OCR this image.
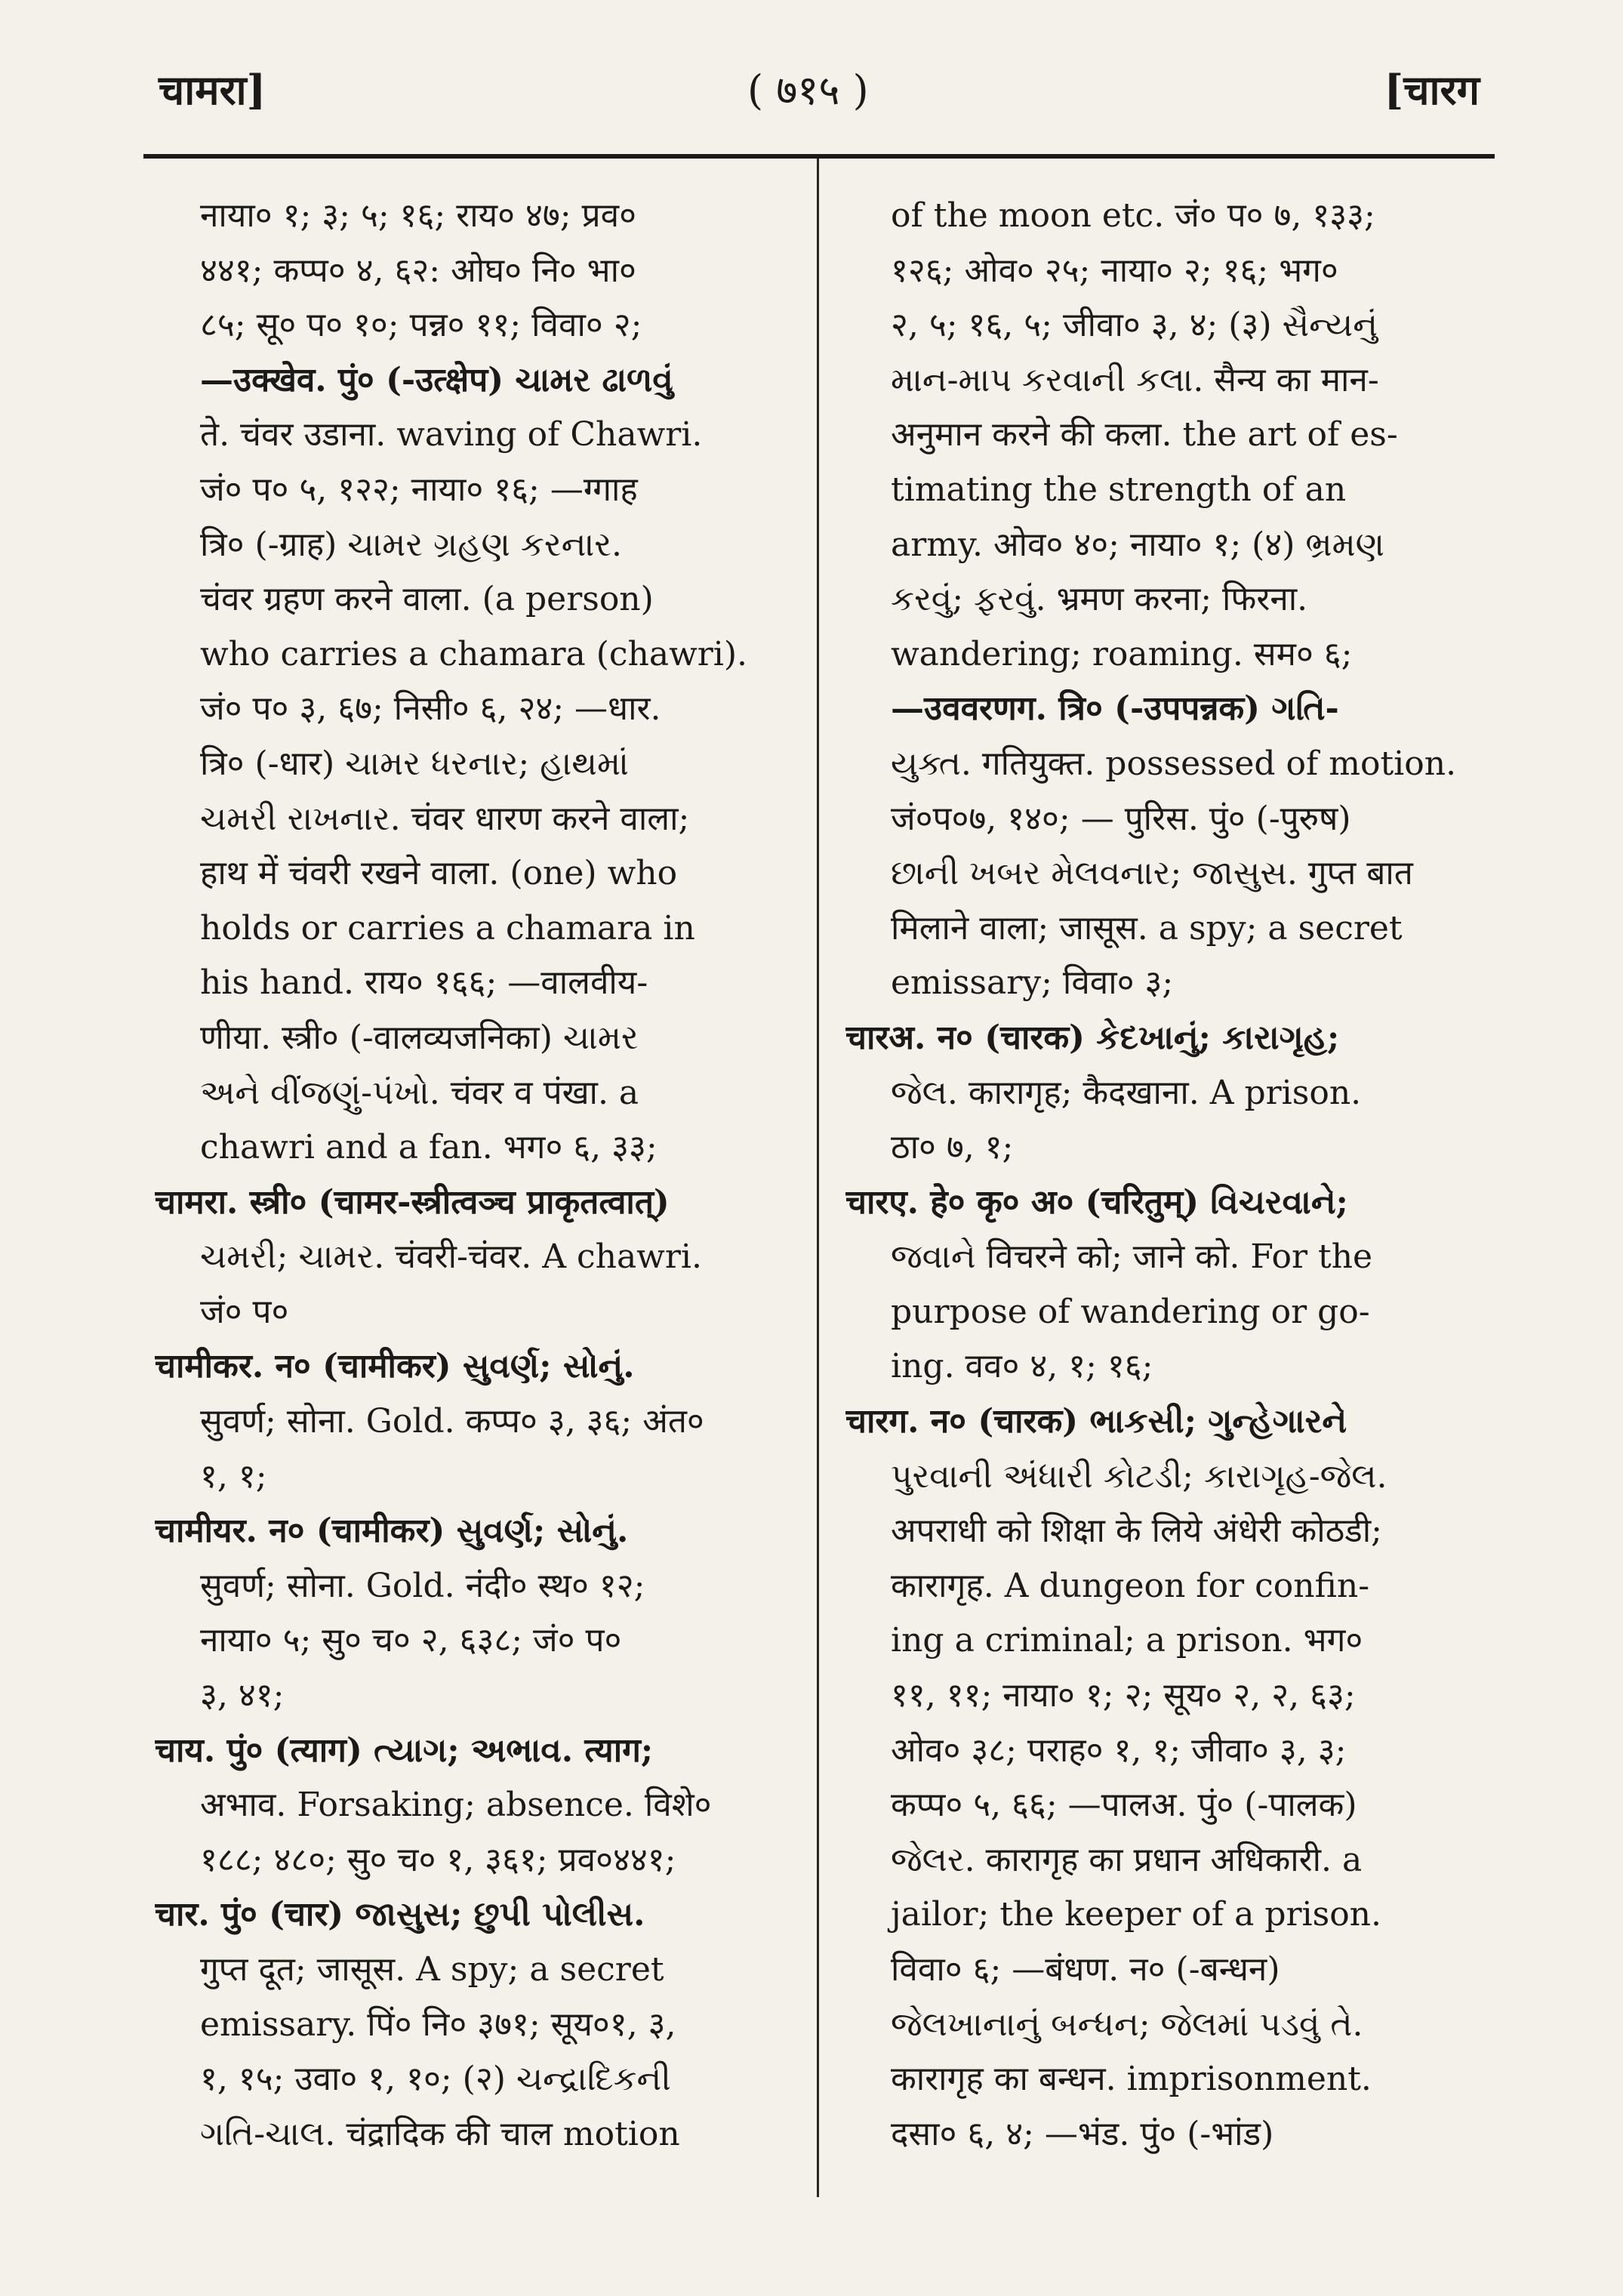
चामरा]	( ७१५ )	[चारग
नाया० १; ३; ५; १६; राय० ४७; प्रव०
४४१; कप्प० ४, ६२: ओघ० नि० भा०
८५; सू० प० १०; पन्न० ११; विवा० २;
—उक्खेव. पुं० (-उत्क्षेप) ચામર ઢાળવું
ते. चंवर उडाना. waving of Chawri.
जं० प० ५, १२२; नाया० १६; —ग्गाह
त्रि० (-ग्राह) ચામર ગ્રહણ કરનાર.
चंवर ग्रहण करने वाला. (a person)
who carries a chamara (chawri).
जं० प० ३, ६७; निसी० ६, २४; —धार.
त्रि० (-धार) ચામર ધરનાર; હાથમાં
ચમરી રાખનાર. चंवर धारण करने वाला;
हाथ में चंवरी रखने वाला. (one) who
holds or carries a chamara in
his hand. राय० १६६; —वालवीय-
णीया. स्त्री० (-वालव्यजनिका) ચામર
અને વીંજણું-પંખો. चंवर व पंखा. a
chawri and a fan. भग० ६, ३३;
चामरा. स्त्री० (चामर-स्त्रीत्वञ्च प्राकृतत्वात्)
ચમરી; ચામર. चंवरी-चंवर. A chawri.
जं० प०
चामीकर. न० (चामीकर) સુવર્ણ; સોનું.
सुवर्ण; सोना. Gold. कप्प० ३, ३६; अंत०
१, १;
चामीयर. न० (चामीकर) સુવર્ણ; સોનું.
सुवर्ण; सोना. Gold. नंदी० स्थ० १२;
नाया० ५; सु० च० २, ६३८; जं० प०
३, ४१;
चाय. पुं० (त्याग) ત્યાગ; અભાવ. त्याग;
अभाव. Forsaking; absence. विशे०
१८८; ४८०; सु० च० १, ३६१; प्रव०४४१;
चार. पुं० (चार) જાસુસ; છુપી પોલીસ.
गुप्त दूत; जासूस. A spy; a secret
emissary. पिं० नि० ३७१; सूय०१, ३,
१, १५; उवा० १, १०; (२) ચન્દ્રાદિકની
ગતિ-ચાલ. चंद्रादिक की चाल motion
of the moon etc. जं० प० ७, १३३;
१२६; ओव० २५; नाया० २; १६; भग०
२, ५; १६, ५; जीवा० ३, ४; (३) સૈન્યનું
માન-માપ કરવાની કલા. सैन्य का मान-
अनुमान करने की कला. the art of es-
timating the strength of an
army. ओव० ४०; नाया० १; (४) ભ્રમણ
કરવું; ફરવું. भ्रमण करना; फिरना.
wandering; roaming. सम० ६;
—उववरणग. त्रि० (-उपपन्नक) ગતિ-
યુક્ત. गतियुक्त. possessed of motion.
जं०प०७, १४०; — पुरिस. पुं० (-पुरुष)
છાની ખબર મેલવનાર; જાસુસ. गुप्त बात
मिलाने वाला; जासूस. a spy; a secret
emissary; विवा० ३;
चारअ. न० (चारक) કેદખાનું; કારાગૃહ;
જેલ. कारागृह; कैदखाना. A prison.
ठा० ७, १;
चारए. हे० कृ० अ० (चरितुम्) વિચરવાને;
જવાને विचरने को; जाने को. For the
purpose of wandering or go-
ing. वव० ४, १; १६;
चारग. न० (चारक) ભાકસી; ગુન્હેગારને
પુરવાની અંધારી કોટડી; કારાગૃહ-જેલ.
अपराधी को शिक्षा के लिये अंधेरी कोठडी;
कारागृह. A dungeon for confin-
ing a criminal; a prison. भग०
११, ११; नाया० १; २; सूय० २, २, ६३;
ओव० ३८; पराह० १, १; जीवा० ३, ३;
कप्प० ५, ६६; —पालअ. पुं० (-पालक)
જેલર. कारागृह का प्रधान अधिकारी. a
jailor; the keeper of a prison.
विवा० ६; —बंधण. न० (-बन्धन)
જેલખાનાનું બન્ધન; જેલમાં પડવું તે.
कारागृह का बन्धन. imprisonment.
दसा० ६, ४; —भंड. पुं० (-भांड)
